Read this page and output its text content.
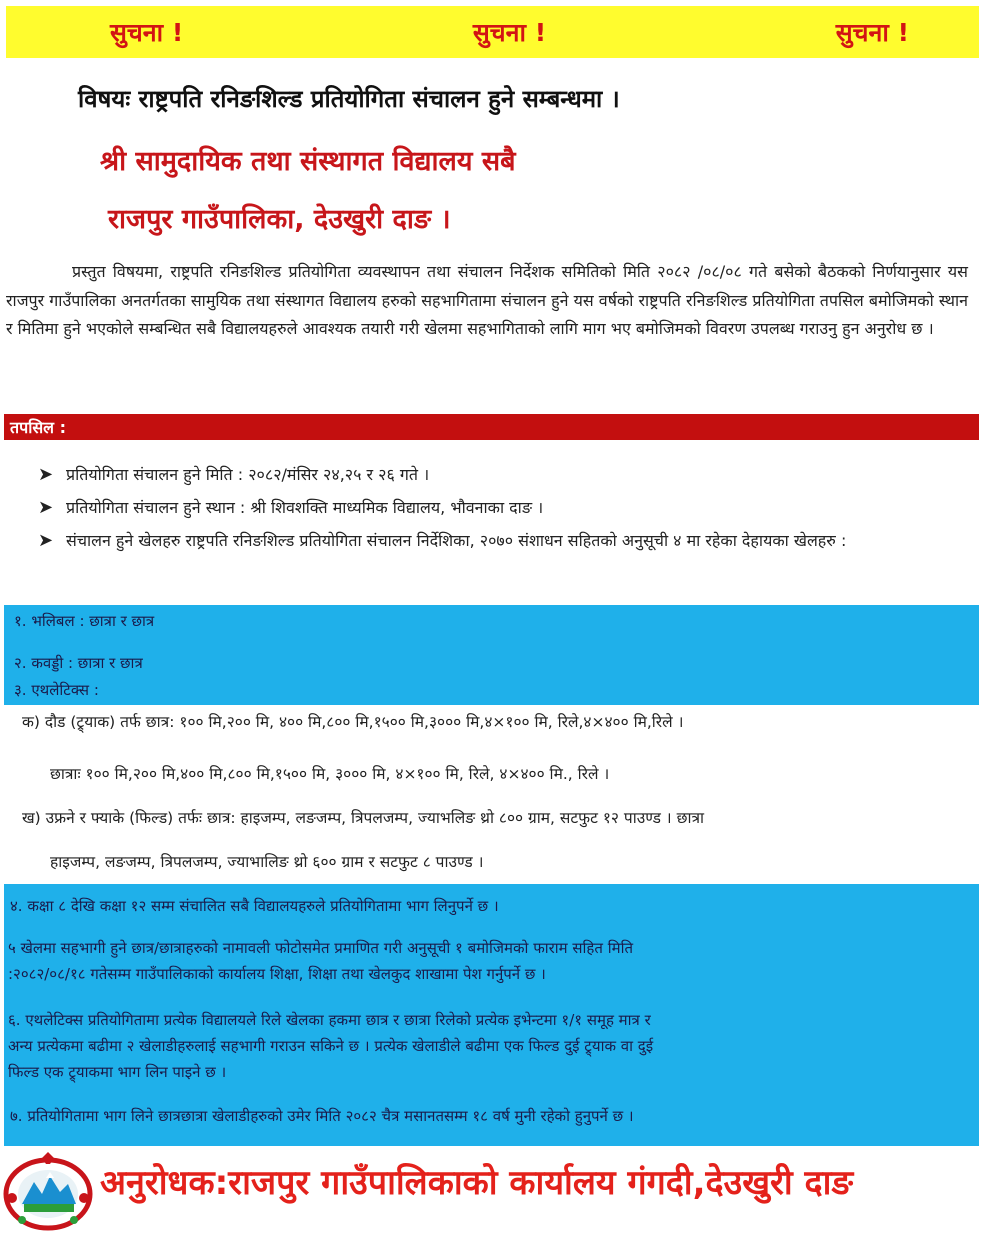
सुचना !	सुचना !	सुचना !
विषयः राष्ट्रपति रनिङशिल्ड प्रतियोगिता संचालन हुने सम्बन्धमा ।
श्री सामुदायिक तथा संस्थागत विद्यालय सबै
राजपुर गाउँपालिका, देउखुरी दाङ ।
प्रस्तुत विषयमा, राष्ट्रपति रनिङशिल्ड प्रतियोगिता व्यवस्थापन तथा संचालन निर्देशक समितिको मिति २०८२ /०८/०८ गते बसेको बैठकको निर्णयानुसार यस राजपुर गाउँपालिका अनतर्गतका सामुयिक तथा संस्थागत विद्यालय हरुको सहभागितामा संचालन हुने यस वर्षको राष्ट्रपति रनिङशिल्ड प्रतियोगिता तपसिल बमोजिमको स्थान र मितिमा हुने भएकोले सम्बन्धित सबै विद्यालयहरुले आवश्यक तयारी गरी खेलमा सहभागिताको लागि माग भए बमोजिमको विवरण उपलब्ध गराउनु हुन अनुरोध छ ।
तपसिल :
➤ प्रतियोगिता संचालन हुने मिति : २०८२/मंसिर २४,२५ र २६ गते ।
➤ प्रतियोगिता संचालन हुने स्थान : श्री शिवशक्ति माध्यमिक विद्यालय, भौवनाका दाङ ।
➤ संचालन हुने खेलहरु राष्ट्रपति रनिङशिल्ड प्रतियोगिता संचालन निर्देशिका, २०७० संशाधन सहितको अनुसूची ४ मा रहेका देहायका खेलहरु :
१. भलिबल : छात्रा र छात्र
२. कवड्डी : छात्रा र छात्र
३. एथलेटिक्स :
क) दौड (ट्र्याक) तर्फ छात्र: १०० मि,२०० मि, ४०० मि,८०० मि,१५०० मि,३००० मि,४×१०० मि, रिले,४×४०० मि,रिले ।
छात्राः १०० मि,२०० मि,४०० मि,८०० मि,१५०० मि, ३००० मि, ४×१०० मि, रिले, ४×४०० मि., रिले ।
ख) उफ्रने र फ्याके (फिल्ड) तर्फः छात्र: हाइजम्प, लङजम्प, त्रिपलजम्प, ज्याभलिङ थ्रो ८०० ग्राम, सटफुट १२ पाउण्ड । छात्रा
हाइजम्प, लङजम्प, त्रिपलजम्प, ज्याभालिङ थ्रो ६०० ग्राम र सटफुट ८ पाउण्ड ।
४. कक्षा ८ देखि कक्षा १२ सम्म संचालित सबै विद्यालयहरुले प्रतियोगितामा भाग लिनुपर्ने छ ।
५ खेलमा सहभागी हुने छात्र/छात्राहरुको नामावली फोटोसमेत प्रमाणित गरी अनुसूची १ बमोजिमको फाराम सहित मिति
:२०८२/०८/१८ गतेसम्म गाउँपालिकाको कार्यालय शिक्षा, शिक्षा तथा खेलकुद शाखामा पेश गर्नुपर्ने छ ।
६. एथलेटिक्स प्रतियोगितामा प्रत्येक विद्यालयले रिले खेलका हकमा छात्र र छात्रा रिलेको प्रत्येक इभेन्टमा १/१ समूह मात्र र
अन्य प्रत्येकमा बढीमा २ खेलाडीहरुलाई सहभागी गराउन सकिने छ । प्रत्येक खेलाडीले बढीमा एक फिल्ड दुई ट्र्याक वा दुई
फिल्ड एक ट्र्याकमा भाग लिन पाइने छ ।
७. प्रतियोगितामा भाग लिने छात्रछात्रा खेलाडीहरुको उमेर मिति २०८२ चैत्र मसानतसम्म १८ वर्ष मुनी रहेको हुनुपर्ने छ ।
अनुरोधक:राजपुर गाउँपालिकाको कार्यालय गंगदी,देउखुरी दाङ
